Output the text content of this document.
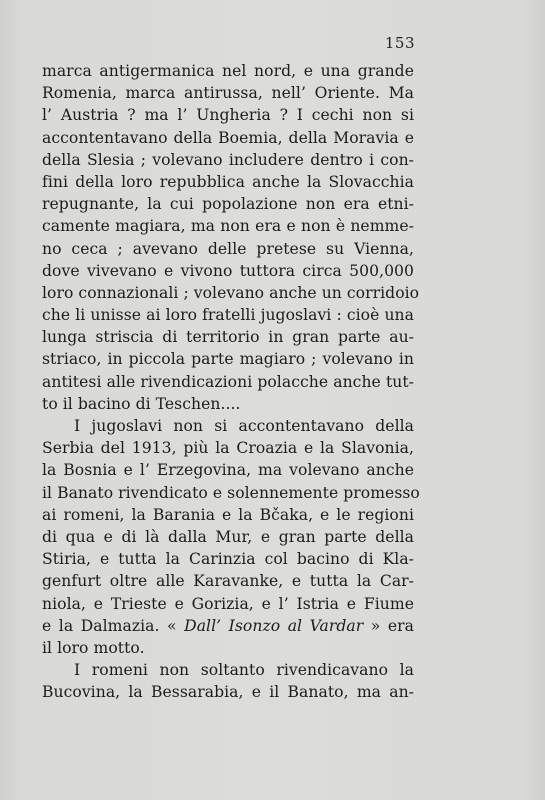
153
marca antigermanica nel nord, e una grande
Romenia, marca antirussa, nell’ Oriente. Ma
l’ Austria ? ma l’ Ungheria ? I cechi non si
accontentavano della Boemia, della Moravia e
della Slesia ; volevano includere dentro i con-
fini della loro repubblica anche la Slovacchia
repugnante, la cui popolazione non era etni-
camente magiara, ma non era e non è nemme-
no ceca ; avevano delle pretese su Vienna,
dove vivevano e vivono tuttora circa 500,000
loro connazionali ; volevano anche un corridoio
che li unisse ai loro fratelli jugoslavi : cioè una
lunga striscia di territorio in gran parte au-
striaco, in piccola parte magiaro ; volevano in
antitesi alle rivendicazioni polacche anche tut-
to il bacino di Teschen....
I jugoslavi non si accontentavano della
Serbia del 1913, più la Croazia e la Slavonia,
la Bosnia e l’ Erzegovina, ma volevano anche
il Banato rivendicato e solennemente promesso
ai romeni, la Barania e la Bčaka, e le regioni
di qua e di là dalla Mur, e gran parte della
Stiria, e tutta la Carinzia col bacino di Kla-
genfurt oltre alle Karavanke, e tutta la Car-
niola, e Trieste e Gorizia, e l’ Istria e Fiume
e la Dalmazia. « Dall’ Isonzo al Vardar » era
il loro motto.
I romeni non soltanto rivendicavano la
Bucovina, la Bessarabia, e il Banato, ma an-
